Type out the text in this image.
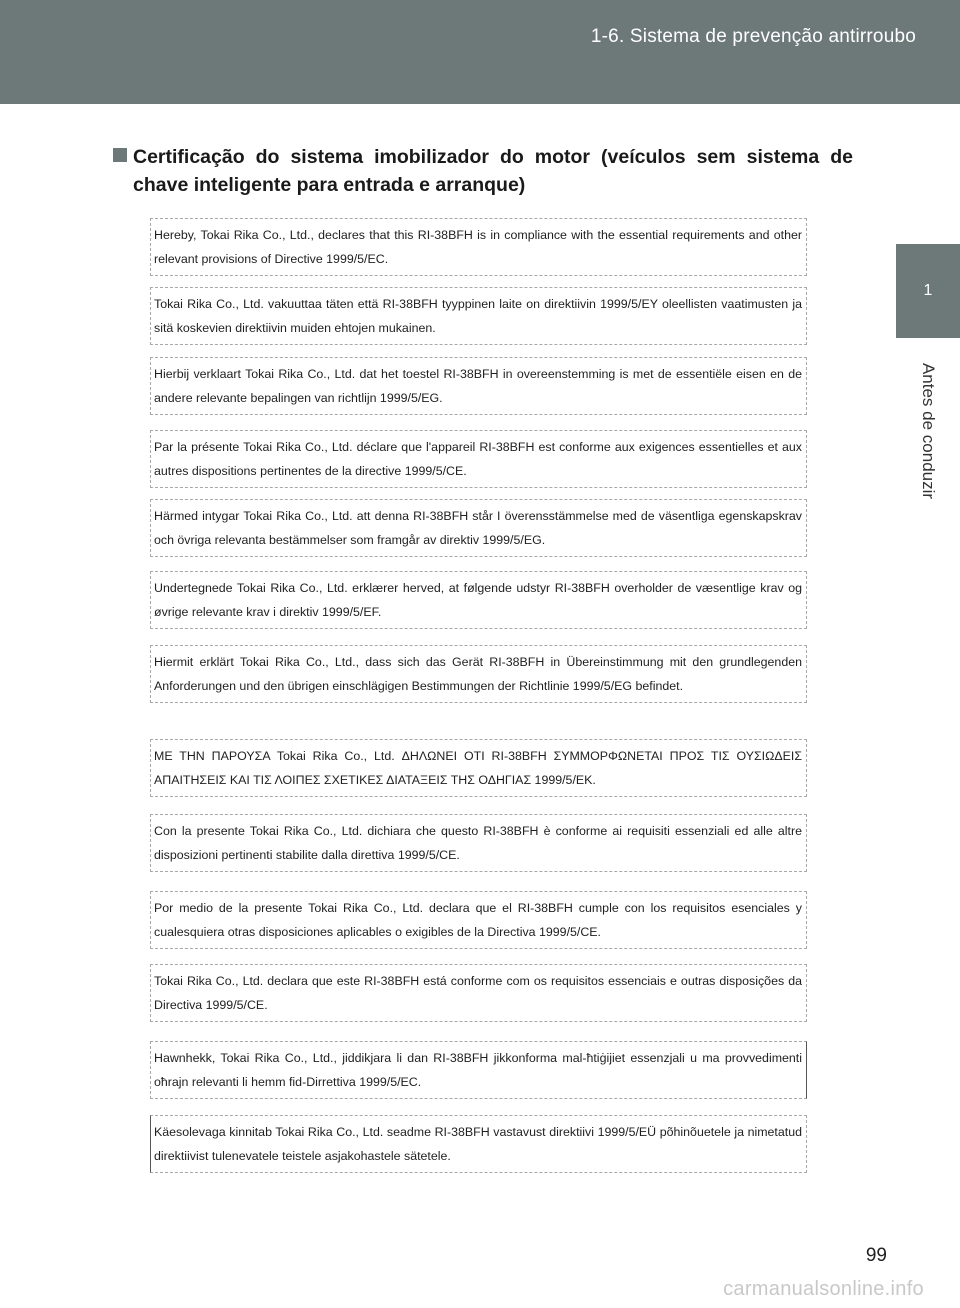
1-6. Sistema de prevenção antirroubo
1
Antes de conduzir
Certificação do sistema imobilizador do motor (veículos sem sistema de chave inteligente para entrada e arranque)
Hereby, Tokai Rika Co., Ltd., declares that this RI-38BFH is in compliance with the essential requirements and other relevant provisions of Directive 1999/5/EC.
Tokai Rika Co., Ltd. vakuuttaa täten että RI-38BFH tyyppinen laite on direktiivin 1999/5/EY oleellisten vaatimusten ja sitä koskevien direktiivin muiden ehtojen mukainen.
Hierbij verklaart Tokai Rika Co., Ltd. dat het toestel RI-38BFH in overeenstemming is met de essentiële eisen en de andere relevante bepalingen van richtlijn 1999/5/EG.
Par la présente Tokai Rika Co., Ltd. déclare que l'appareil RI-38BFH est conforme aux exigences essentielles et aux autres dispositions pertinentes de la directive 1999/5/CE.
Härmed intygar Tokai Rika Co., Ltd. att denna RI-38BFH står I överensstämmelse med de väsentliga egenskapskrav och övriga relevanta bestämmelser som framgår av direktiv 1999/5/EG.
Undertegnede Tokai Rika Co., Ltd. erklærer herved, at følgende udstyr RI-38BFH overholder de væsentlige krav og øvrige relevante krav i direktiv 1999/5/EF.
Hiermit erklärt Tokai Rika Co., Ltd., dass sich das Gerät RI-38BFH in Übereinstimmung mit den grundlegenden Anforderungen und den übrigen einschlägigen Bestimmungen der Richtlinie 1999/5/EG befindet.
ΜΕ ΤΗΝ ΠΑΡΟΥΣΑ Tokai Rika Co., Ltd. ΔΗΛΩΝΕΙ ΟΤΙ RI-38BFH ΣΥΜΜΟΡΦΩΝΕΤΑΙ ΠΡΟΣ ΤΙΣ ΟΥΣΙΩΔΕΙΣ ΑΠΑΙΤΗΣΕΙΣ ΚΑΙ ΤΙΣ ΛΟΙΠΕΣ ΣΧΕΤΙΚΕΣ ΔΙΑΤΑΞΕΙΣ ΤΗΣ ΟΔΗΓΙΑΣ 1999/5/ΕΚ.
Con la presente Tokai Rika Co., Ltd. dichiara che questo RI-38BFH è conforme ai requisiti essenziali ed alle altre disposizioni pertinenti stabilite dalla direttiva 1999/5/CE.
Por medio de la presente Tokai Rika Co., Ltd. declara que el RI-38BFH cumple con los requisitos esenciales y cualesquiera otras disposiciones aplicables o exigibles de la Directiva 1999/5/CE.
Tokai Rika Co., Ltd. declara que este RI-38BFH está conforme com os requisitos essenciais e outras disposições da Directiva 1999/5/CE.
Hawnhekk, Tokai Rika Co., Ltd., jiddikjara li dan RI-38BFH jikkonforma mal-ħtiġijiet essenzjali u ma provvedimenti oħrajn relevanti li hemm fid-Dirrettiva 1999/5/EC.
Käesolevaga kinnitab Tokai Rika Co., Ltd. seadme RI-38BFH vastavust direktiivi 1999/5/EÜ põhinõuetele ja nimetatud direktiivist tulenevatele teistele asjakohastele sätetele.
99
carmanualsonline.info
